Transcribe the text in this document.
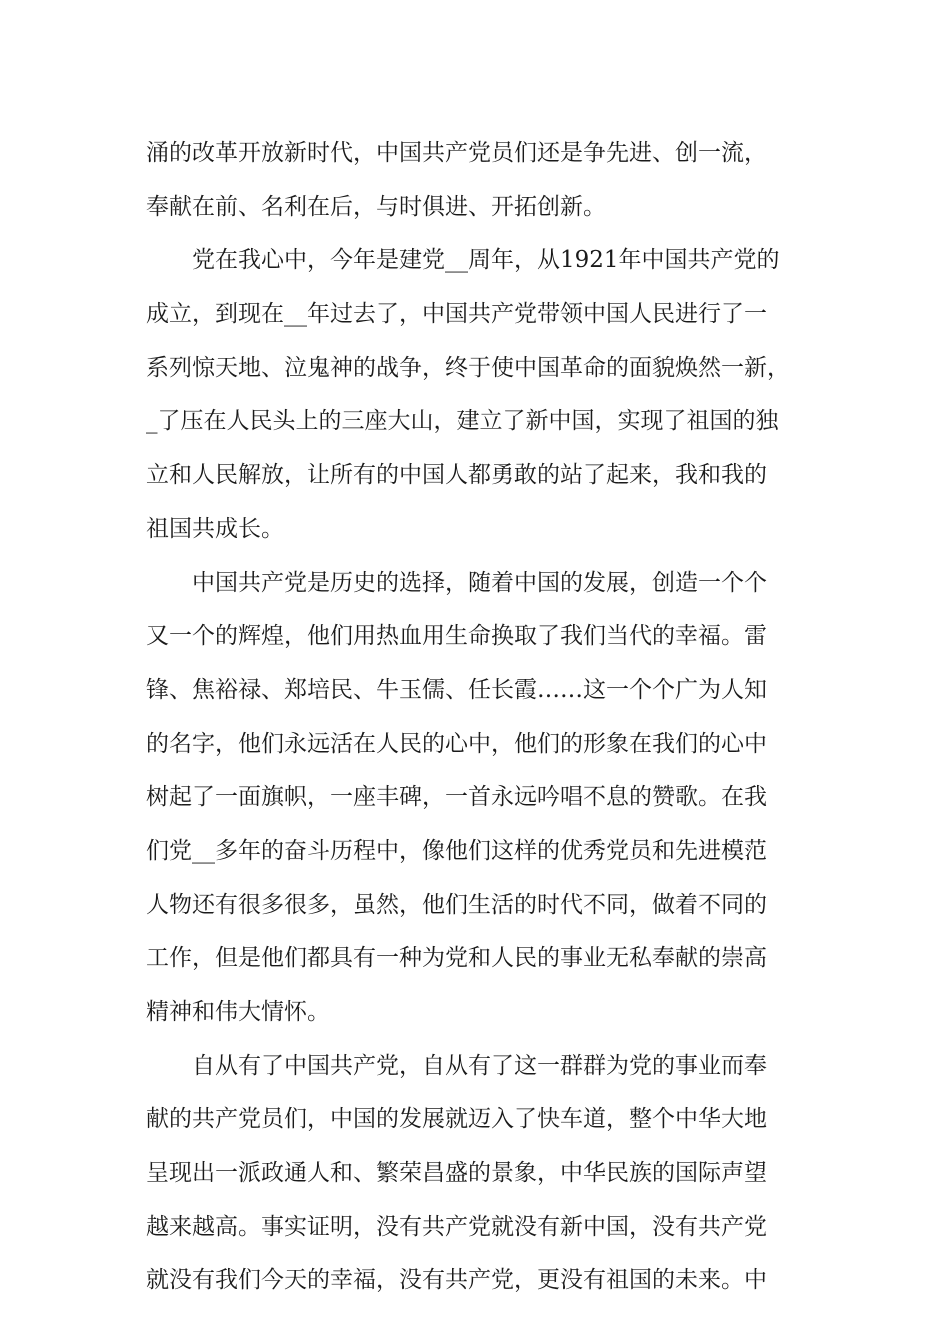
涌的改革开放新时代，中国共产党员们还是争先进、创一流，
奉献在前、名利在后，与时俱进、开拓创新。
党在我心中，今年是建党__周年，从1921年中国共产党的
成立，到现在__年过去了，中国共产党带领中国人民进行了一
系列惊天地、泣鬼神的战争，终于使中国革命的面貌焕然一新，
_了压在人民头上的三座大山，建立了新中国，实现了祖国的独
立和人民解放，让所有的中国人都勇敢的站了起来，我和我的
祖国共成长。
中国共产党是历史的选择，随着中国的发展，创造一个个
又一个的辉煌，他们用热血用生命换取了我们当代的幸福。雷
锋、焦裕禄、郑培民、牛玉儒、任长霞……这一个个广为人知
的名字，他们永远活在人民的心中，他们的形象在我们的心中
树起了一面旗帜，一座丰碑，一首永远吟唱不息的赞歌。在我
们党__多年的奋斗历程中，像他们这样的优秀党员和先进模范
人物还有很多很多，虽然，他们生活的时代不同，做着不同的
工作，但是他们都具有一种为党和人民的事业无私奉献的崇高
精神和伟大情怀。
自从有了中国共产党，自从有了这一群群为党的事业而奉
献的共产党员们，中国的发展就迈入了快车道，整个中华大地
呈现出一派政通人和、繁荣昌盛的景象，中华民族的国际声望
越来越高。事实证明，没有共产党就没有新中国，没有共产党
就没有我们今天的幸福，没有共产党，更没有祖国的未来。中
